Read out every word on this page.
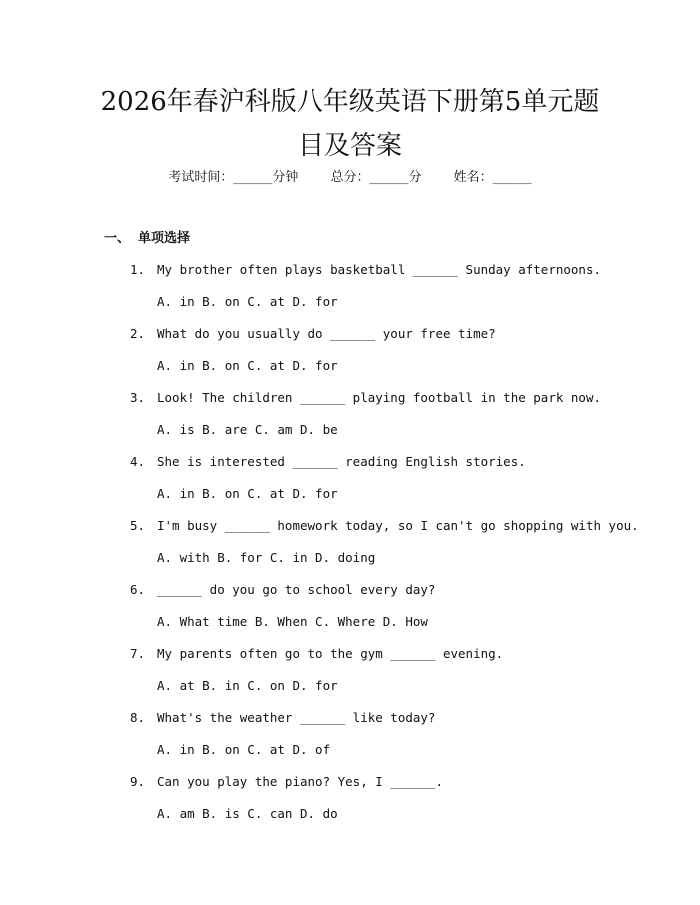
2026年春沪科版八年级英语下册第5单元题
目及答案
考试时间：______分钟 总分：______分 姓名：______
一、 单项选择
1. My brother often plays basketball ______ Sunday afternoons.
A. in B. on C. at D. for
2. What do you usually do ______ your free time?
A. in B. on C. at D. for
3. Look! The children ______ playing football in the park now.
A. is B. are C. am D. be
4. She is interested ______ reading English stories.
A. in B. on C. at D. for
5. I'm busy ______ homework today, so I can't go shopping with you.
A. with B. for C. in D. doing
6. ______ do you go to school every day?
A. What time B. When C. Where D. How
7. My parents often go to the gym ______ evening.
A. at B. in C. on D. for
8. What's the weather ______ like today?
A. in B. on C. at D. of
9. Can you play the piano? Yes, I ______.
A. am B. is C. can D. do
